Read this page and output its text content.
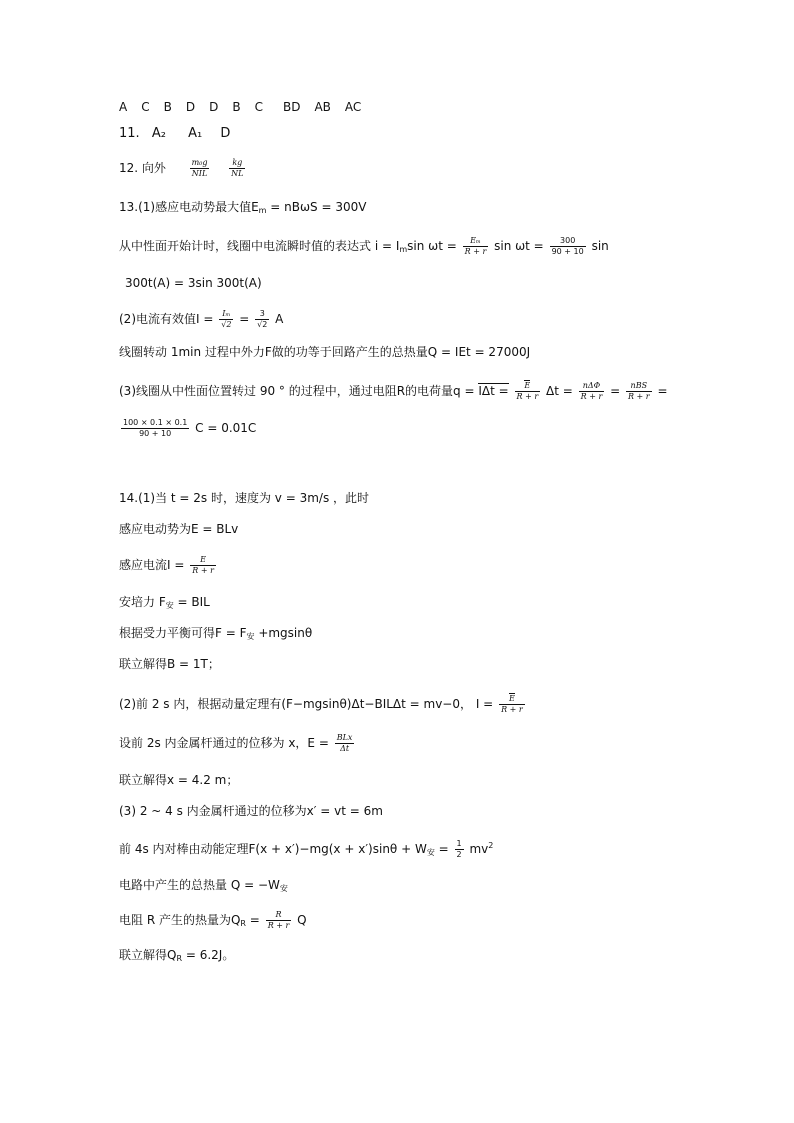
A C B D D B C BD AB AC
11. A₂ A₁ D
12. 向外	$\frac{\text{m₀g}}{\text{NIL}}$
$\frac{kg}{NL}$
13.(1)感应电动势最大值$E_m = nB\omega S = 300V$
从中性面开始计时，线圈中电流瞬时值的表达式 $i = I_m\sin$ $\omega t = \frac{\text{Eₘ}}{R + r}$ $\sin \omega t = \frac{300}{90 + 10}$ sin
300t(A) = 3sin 300t(A)
(2)电流有效值$I = \frac{\text{Iₘ}}{√2} = \frac{3}{√2}$ A
线圈转动 1min 过程中外力F做的功等于回路产生的总热量Q = IEt = 27000J
(3)线圈从中性面位置转过 90 ° 的过程中，通过电阻R的电荷量$q = I\Delta t = \frac{E}{R + r}$ $\Delta t = \frac{\text{nΔΦ}}{R + r} = \frac{\text{nBS}}{R + r}$ =
$\frac{100 \times 0.1 \times 0.1}{90 + 10}$ C = 0.01C
14.(1)当 t = 2s 时，速度为 v = 3m/s ，此时
感应电动势为E = BLv
感应电流$I = \frac{E}{R + r}$
安培力 $F_安$ = BIL
根据受力平衡可得$F = F_安 +mgsin\theta$
联立解得B = 1T；
(2)前 2 s 内，根据动量定理有(F−mgsinθ)Δt−BILΔt = mv−0， $I = \frac{E}{R + r}$
设前 2s 内金属杆通过的位移为 x，$E = \frac{\text{BLx}}{\Delta t}$
联立解得x = 4.2 m；
(3) 2 ~ 4 s 内金属杆通过的位移为x′ = vt = 6m
前 4s 内对棒由动能定理$F(x + x')-mg(x + x')\sin\theta + W_安 = \frac{1}{2} mv^2$
电路中产生的总热量 $Q = -W_安$
电阻 R 产生的热量为$Q_R = \frac{R}{R + r}$ Q
联立解得$Q_R = 6.2J$。
